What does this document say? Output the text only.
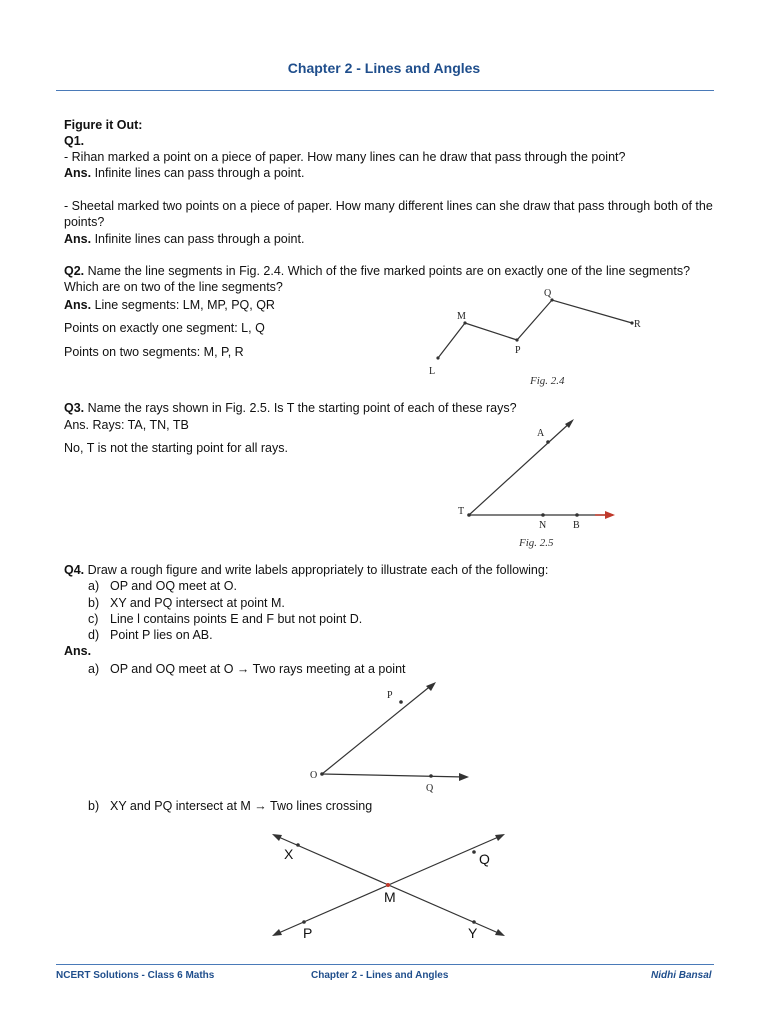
Chapter 2 - Lines and Angles
Figure it Out:
Q1.
- Rihan marked a point on a piece of paper. How many lines can he draw that pass through the point?
Ans. Infinite lines can pass through a point.
- Sheetal marked two points on a piece of paper. How many different lines can she draw that pass through both of the points?
Ans. Infinite lines can pass through a point.
Q2. Name the line segments in Fig. 2.4. Which of the five marked points are on exactly one of the line segments? Which are on two of the line segments?
Ans. Line segments: LM, MP, PQ, QR
Points on exactly one segment: L, Q
Points on two segments: M, P, R
L
M
P
Q
R
Fig. 2.4
Q3. Name the rays shown in Fig. 2.5. Is T the starting point of each of these rays?
Ans. Rays: TA, TN, TB
No, T is not the starting point for all rays.
T
A
N	B
Fig. 2.5
Q4. Draw a rough figure and write labels appropriately to illustrate each of the following:
a) OP and OQ meet at O.
b) XY and PQ intersect at point M.
c) Line l contains points E and F but not point D.
d) Point P lies on AB.
Ans.
a) OP and OQ meet at O → Two rays meeting at a point
O
P
Q
b) XY and PQ intersect at M → Two lines crossing
X	Q
M
P	Y
NCERT Solutions - Class 6 Maths	Chapter 2 - Lines and Angles	Nidhi Bansal
